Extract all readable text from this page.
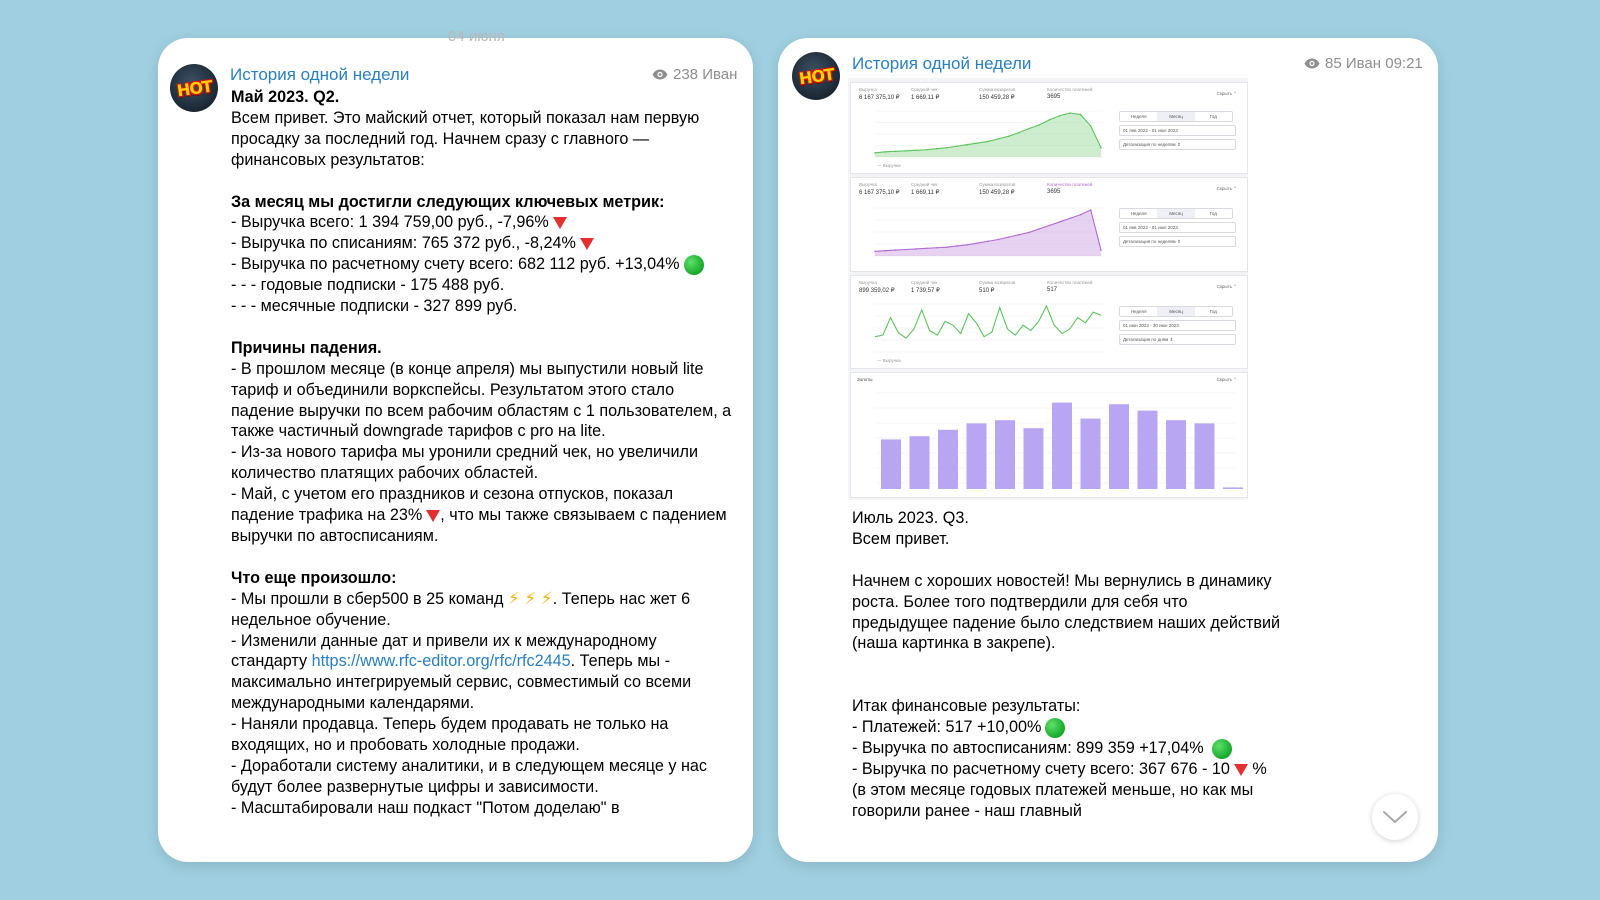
04 июня
HOT
История одной недели	238 Иван
Май 2023. Q2.
Всем привет. Это майский отчет, который показал нам первую просадку за последний год. Начнем сразу с главного — финансовых результатов:
За месяц мы достигли следующих ключевых метрик:
- Выручка всего: 1 394 759,00 руб., -7,96%
- Выручка по списаниям: 765 372 руб., -8,24%
- Выручка по расчетному счету всего: 682 112 руб. +13,04%
- - - годовые подписки - 175 488 руб.
- - - месячные подписки - 327 899 руб.
Причины падения.
- В прошлом месяце (в конце апреля) мы выпустили новый lite тариф и объединили воркспейсы. Результатом этого стало падение выручки по всем рабочим областям с 1 пользователем, а также частичный downgrade тарифов с pro на lite.
- Из-за нового тарифа мы уронили средний чек, но увеличили количество платящих рабочих областей.
- Май, с учетом его праздников и сезона отпусков, показал падение трафика на 23% , что мы также связываем с падением выручки по автосписаниям.
Что еще произошло:
- Мы прошли в сбер500 в 25 команд ⚡ ⚡ ⚡. Теперь нас жет 6 недельное обучение.
- Изменили данные дат и привели их к международному стандарту https://www.rfc-editor.org/rfc/rfc2445. Теперь мы - максимально интегрируемый сервис, совместимый со всеми международными календарями.
- Наняли продавца. Теперь будем продавать не только на входящих, но и пробовать холодные продажи.
- Доработали систему аналитики, и в следующем месяце у нас будут более развернутые цифры и зависимости.
- Масштабировали наш подкаст "Потом доделаю" в
HOT
История одной недели	85 Иван 09:21
Выручка
6 167 375,10 ₽
Средний чек
1 669,11 ₽
Сумма возвратов
150 459,28 ₽
Количество платежей
3695
Скрыть ⌃
Неделя	Месяц	Год
01 янв 2022 - 01 июл 2023
Детализация по неделям ⇕
— Выручка
Выручка
6 167 375,10 ₽
Средний чек
1 669,11 ₽
Сумма возвратов
150 459,28 ₽
Количество платежей
3695
Скрыть ⌃
Неделя	Месяц	Год
01 янв 2022 - 01 июл 2023
Детализация по неделям ⇕
Выручка
899 359,02 ₽
Средний чек
1 739,57 ₽
Сумма возвратов
510 ₽
Количество платежей
517
Скрыть ⌃
Неделя	Месяц	Год
01 июн 2023 - 30 июн 2023
Детализация по дням ⇕
— Выручка
Золоты	Скрыть ⌃
Июль 2023. Q3.
Всем привет.
Начнем с хороших новостей! Мы вернулись в динамику роста. Более того подтвердили для себя что предыдущее падение было следствием наших действий (наша картинка в закрепе).
Итак финансовые результаты:
- Платежей: 517 +10,00%
- Выручка по автосписаниям: 899 359 +17,04%
- Выручка по расчетному счету всего: 367 676 - 10 % (в этом месяце годовых платежей меньше, но как мы говорили ранее - наш главный
